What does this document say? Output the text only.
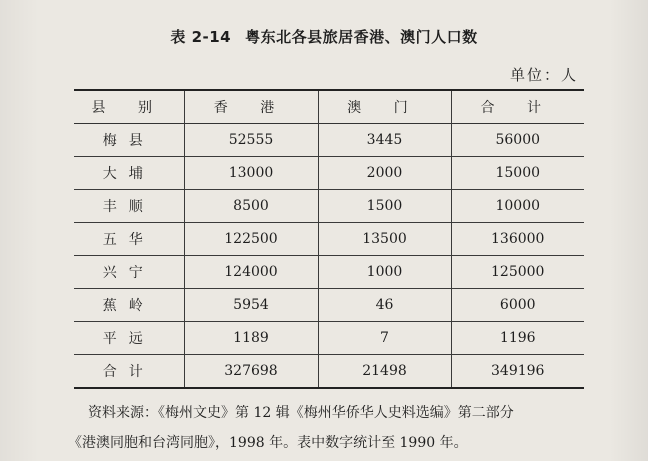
表 2-14 粤东北各县旅居香港、澳门人口数
单位：人
县 别	香 港	澳 门	合 计
梅县	52555	3445	56000
大埔	13000	2000	15000
丰顺	8500	1500	10000
五华	122500	13500	136000
兴宁	124000	1000	125000
蕉岭	5954	46	6000
平远	1189	7	1196
合计	327698	21498	349196

资料来源：《梅州文史》第 12 辑《梅州华侨华人史料选编》第二部分

《港澳同胞和台湾同胞》，1998 年。表中数字统计至 1990 年。
